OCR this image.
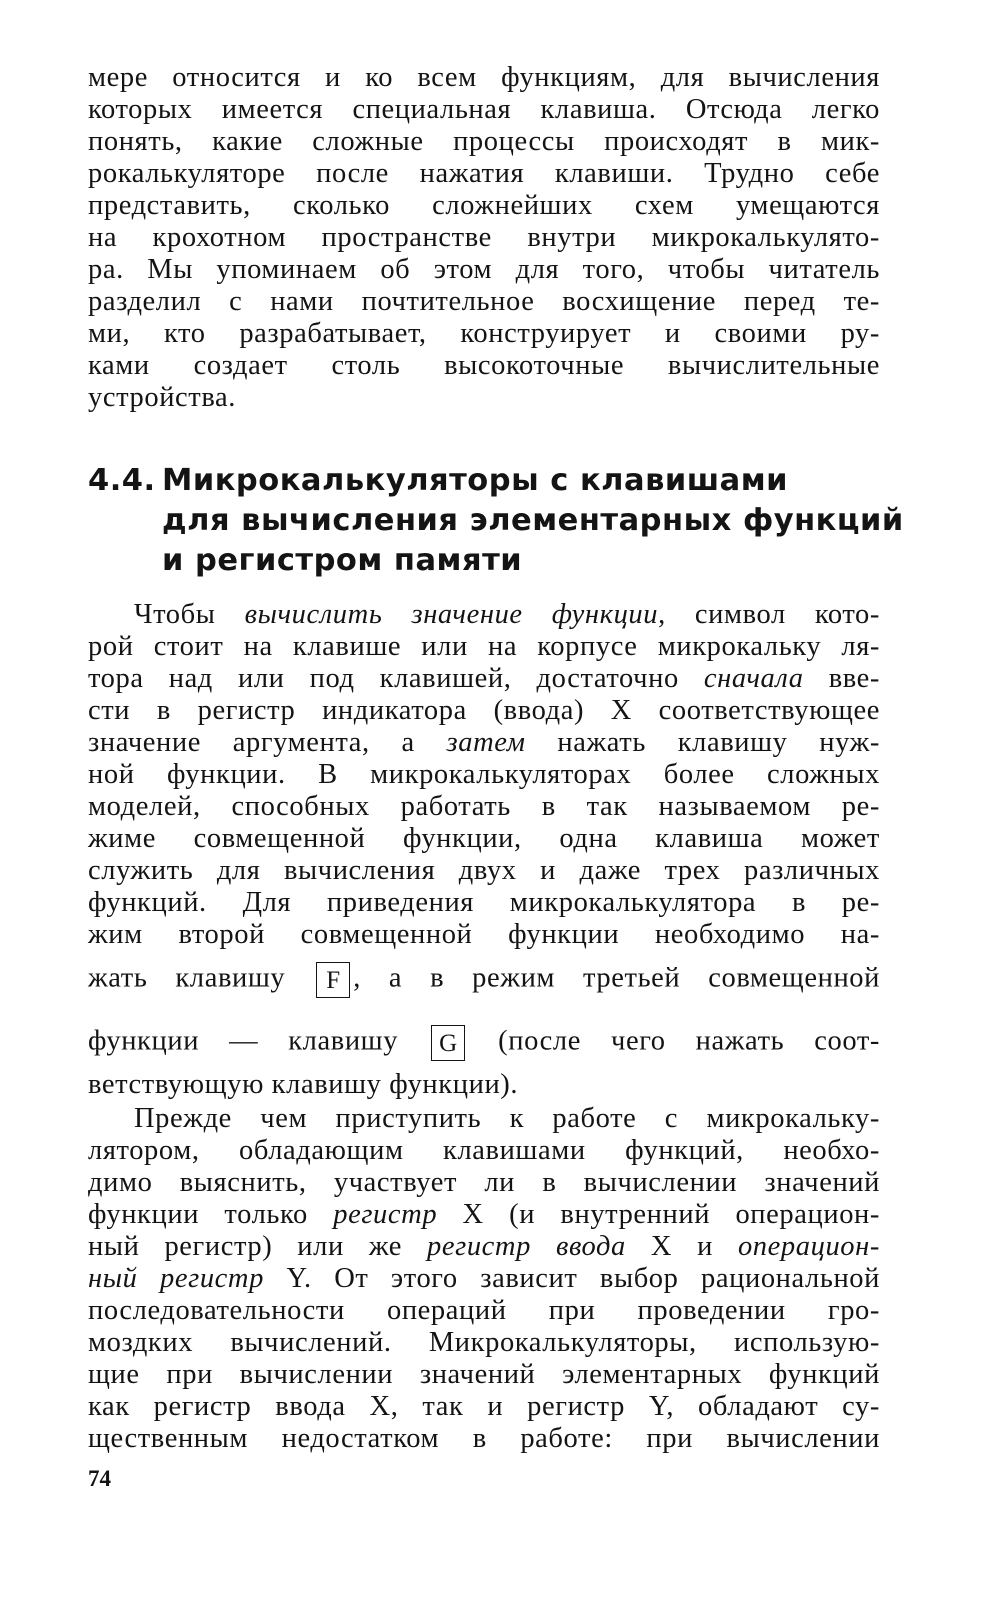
мере относится и ко всем функциям, для вычисления
которых имеется специальная клавиша. Отсюда легко
понять, какие сложные процессы происходят в мик-
рокалькуляторе после нажатия клавиши. Трудно себе
представить, сколько сложнейших схем умещаются
на крохотном пространстве внутри микрокалькулято-
ра. Мы упоминаем об этом для того, чтобы читатель
разделил с нами почтительное восхищение перед те-
ми, кто разрабатывает, конструирует и своими ру-
ками создает столь высокоточные вычислительные
устройства.
4.4. Микрокалькуляторы с клавишами
для вычисления элементарных функций
и регистром памяти
Чтобы вычислить значение функции, символ кото-
рой стоит на клавише или на корпусе микрокальку ля-
тора над или под клавишей, достаточно сначала вве-
сти в регистр индикатора (ввода) X соответствующее
значение аргумента, а затем нажать клавишу нуж-
ной функции. В микрокалькуляторах более сложных
моделей, способных работать в так называемом ре-
жиме совмещенной функции, одна клавиша может
служить для вычисления двух и даже трех различных
функций. Для приведения микрокалькулятора в ре-
жим второй совмещенной функции необходимо на-
жать клавишу F , а в режим третьей совмещенной
функции — клавишу G (после чего нажать соот-
ветствующую клавишу функции).
Прежде чем приступить к работе с микрокальку-
лятором, обладающим клавишами функций, необхо-
димо выяснить, участвует ли в вычислении значений
функции только регистр X (и внутренний операцион-
ный регистр) или же регистр ввода X и операцион-
ный регистр Y. От этого зависит выбор рациональной
последовательности операций при проведении гро-
моздких вычислений. Микрокалькуляторы, использую-
щие при вычислении значений элементарных функций
как регистр ввода X, так и регистр Y, обладают су-
щественным недостатком в работе: при вычислении
74
